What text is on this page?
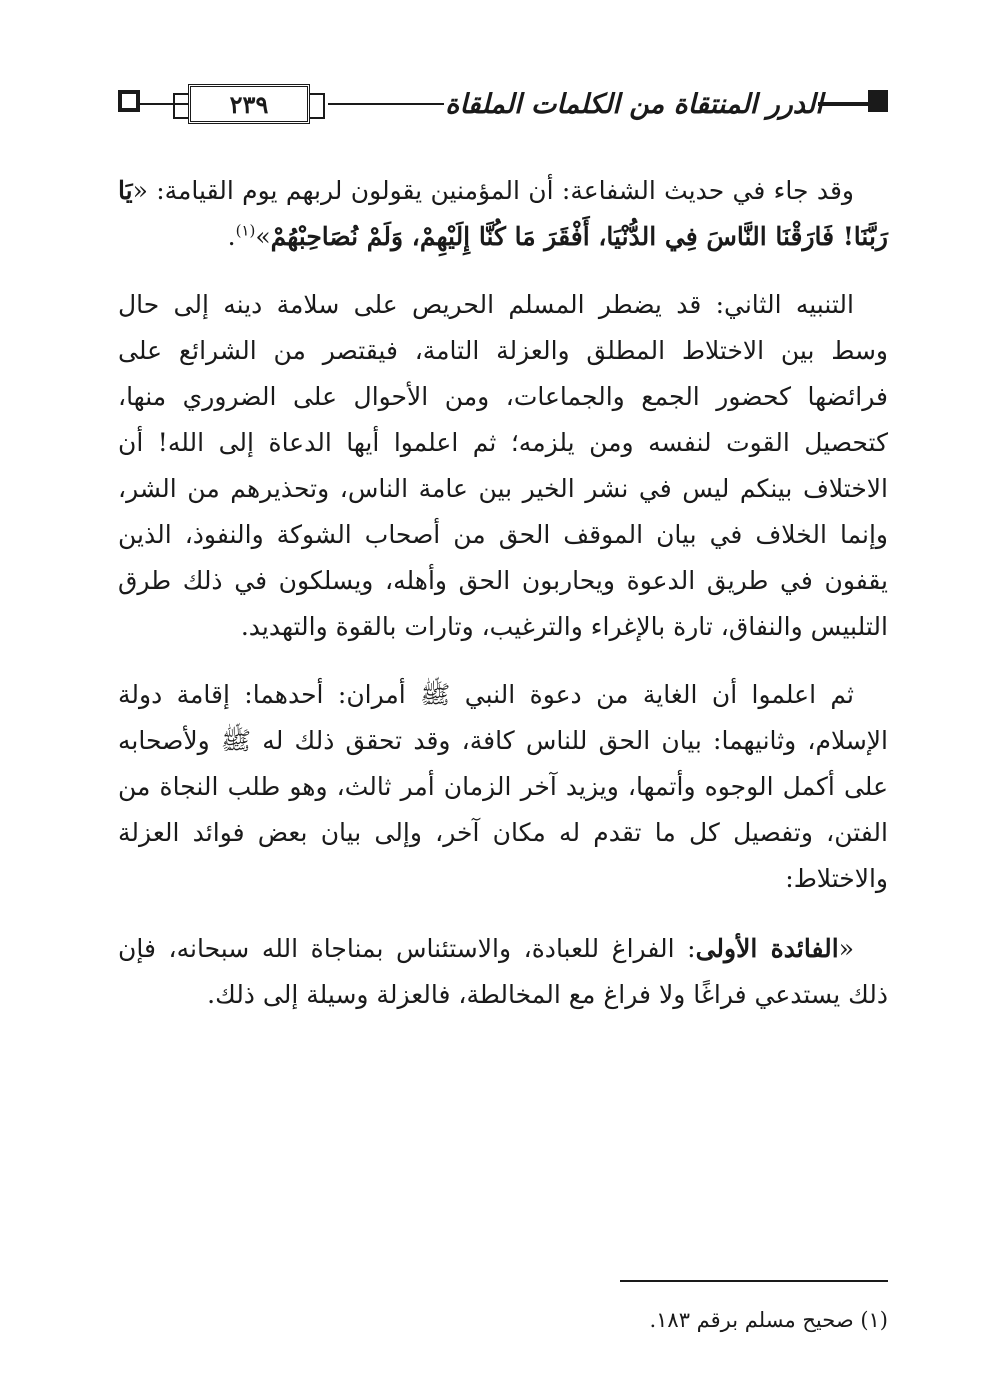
٢٣٩	الدرر المنتقاة من الكلمات الملقاة

وقد جاء في حديث الشفاعة: أن المؤمنين يقولون لربهم يوم القيامة: «يَا رَبَّنَا! فَارَقْنَا النَّاسَ فِي الدُّنْيَا، أَفْقَرَ مَا كُنَّا إِلَيْهِمْ، وَلَمْ نُصَاحِبْهُمْ»$^{(١)}$.

التنبيه الثاني: قد يضطر المسلم الحريص على سلامة دينه إلى حال وسط بين الاختلاط المطلق والعزلة التامة، فيقتصر من الشرائع على فرائضها كحضور الجمع والجماعات، ومن الأحوال على الضروري منها، كتحصيل القوت لنفسه ومن يلزمه؛ ثم اعلموا أيها الدعاة إلى الله! أن الاختلاف بينكم ليس في نشر الخير بين عامة الناس، وتحذيرهم من الشر، وإنما الخلاف في بيان الموقف الحق من أصحاب الشوكة والنفوذ، الذين يقفون في طريق الدعوة ويحاربون الحق وأهله، ويسلكون في ذلك طرق التلبيس والنفاق، تارة بالإغراء والترغيب، وتارات بالقوة والتهديد.

ثم اعلموا أن الغاية من دعوة النبي ﷺ أمران: أحدهما: إقامة دولة الإسلام، وثانيهما: بيان الحق للناس كافة، وقد تحقق ذلك له ﷺ ولأصحابه على أكمل الوجوه وأتمها، ويزيد آخر الزمان أمر ثالث، وهو طلب النجاة من الفتن، وتفصيل كل ما تقدم له مكان آخر، وإلى بيان بعض فوائد العزلة والاختلاط:

«الفائدة الأولى: الفراغ للعبادة، والاستئناس بمناجاة الله سبحانه، فإن ذلك يستدعي فراغًا ولا فراغ مع المخالطة، فالعزلة وسيلة إلى ذلك.

(١) صحيح مسلم برقم ١٨٣.
